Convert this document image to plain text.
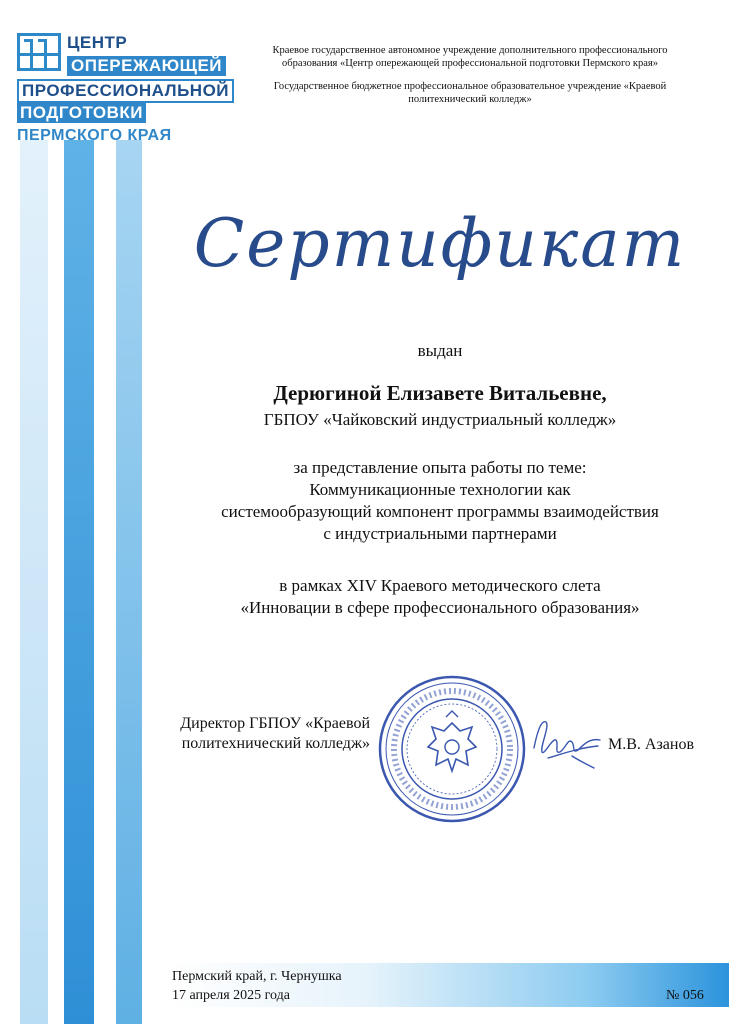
ЦЕНТР
ОПЕРЕЖАЮЩЕЙ
ПРОФЕССИОНАЛЬНОЙ
ПОДГОТОВКИ
ПЕРМСКОГО КРАЯ

Краевое государственное автономное учреждение дополнительного профессионального образования «Центр опережающей профессиональной подготовки Пермского края»

Государственное бюджетное профессиональное образовательное учреждение «Краевой политехнический колледж»

Сертификат
выдан
Дерюгиной Елизавете Витальевне,
ГБПОУ «Чайковский индустриальный колледж»
за представление опыта работы по теме:
Коммуникационные технологии как
системообразующий компонент программы взаимодействия
с индустриальными партнерами
в рамках XIV Краевого методического слета
«Инновации в сфере профессионального образования»
Директор ГБПОУ «Краевой
политехнический колледж»	М.В. Азанов
Пермский край, г. Чернушка
17 апреля 2025 года	№ 056
